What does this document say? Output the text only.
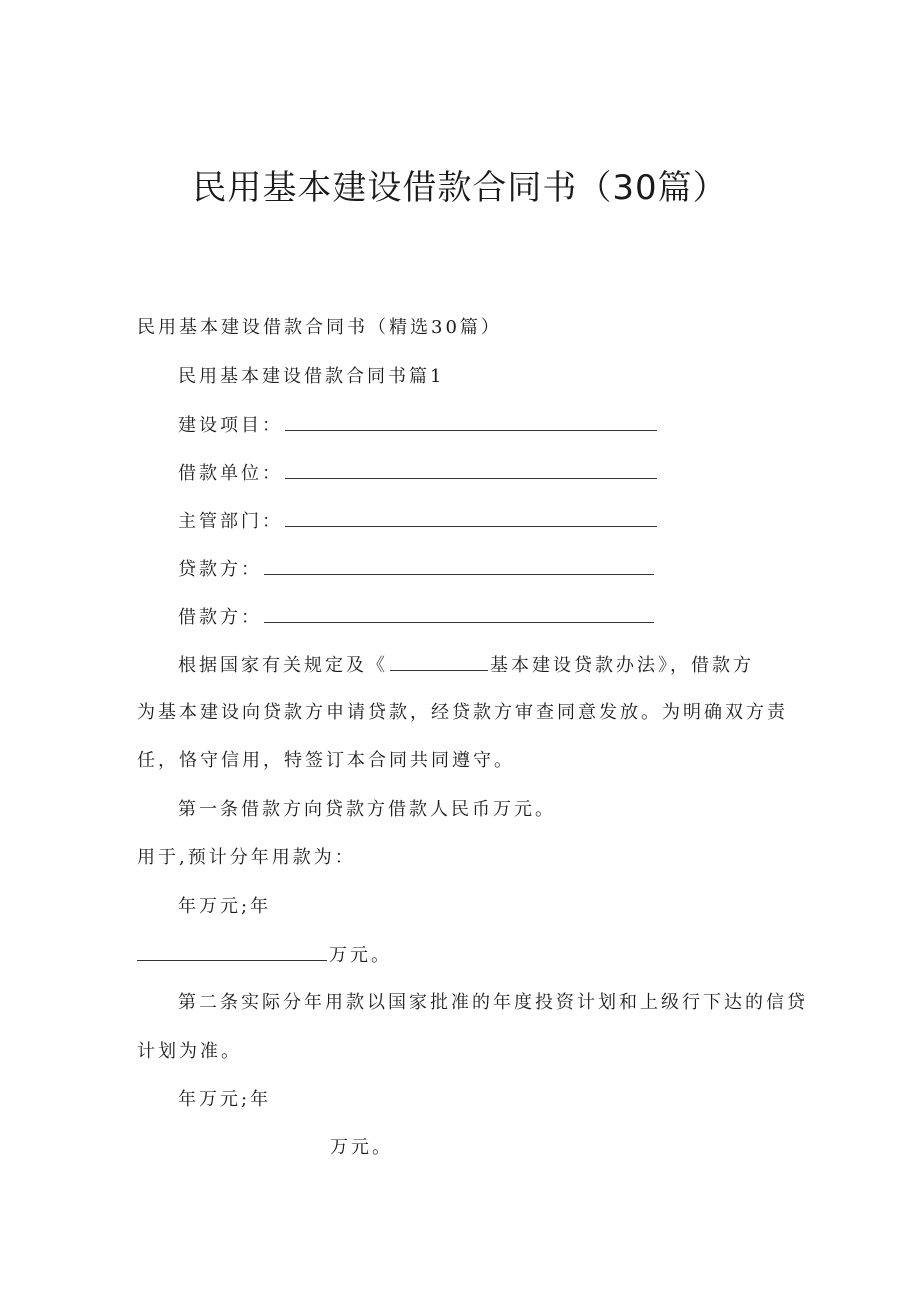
民用基本建设借款合同书（30篇）
民用基本建设借款合同书（精选30篇）
民用基本建设借款合同书篇1
建设项目：
借款单位：
主管部门：
贷款方：
借款方：
根据国家有关规定及《	基本建设贷款办法》，借款方
为基本建设向贷款方申请贷款，经贷款方审查同意发放。为明确双方责
任，恪守信用，特签订本合同共同遵守。
第一条借款方向贷款方借款人民币万元。
用于,预计分年用款为：
年万元;年
万元。
第二条实际分年用款以国家批准的年度投资计划和上级行下达的信贷
计划为准。
年万元;年
万元。
